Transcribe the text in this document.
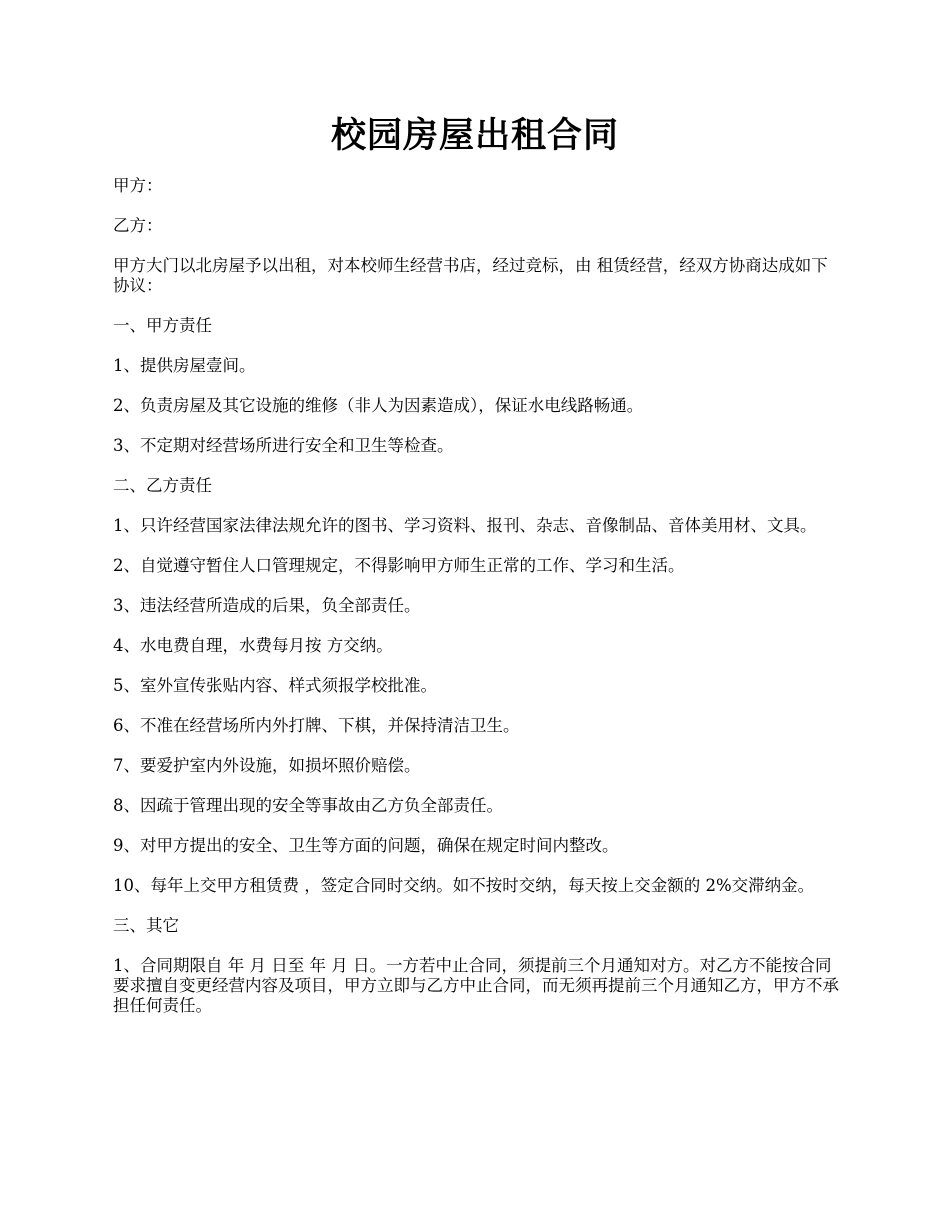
校园房屋出租合同

甲方：

乙方：

甲方大门以北房屋予以出租，对本校师生经营书店，经过竞标，由 租赁经营，经双方协商达成如下协议：

一、甲方责任

1、提供房屋壹间。

2、负责房屋及其它设施的维修（非人为因素造成），保证水电线路畅通。

3、不定期对经营场所进行安全和卫生等检查。

二、乙方责任

1、只许经营国家法律法规允许的图书、学习资料、报刊、杂志、音像制品、音体美用材、文具。

2、自觉遵守暂住人口管理规定，不得影响甲方师生正常的工作、学习和生活。

3、违法经营所造成的后果，负全部责任。

4、水电费自理，水费每月按 方交纳。

5、室外宣传张贴内容、样式须报学校批准。

6、不准在经营场所内外打牌、下棋，并保持清洁卫生。

7、要爱护室内外设施，如损坏照价赔偿。

8、因疏于管理出现的安全等事故由乙方负全部责任。

9、对甲方提出的安全、卫生等方面的问题，确保在规定时间内整改。

10、每年上交甲方租赁费 ，签定合同时交纳。如不按时交纳，每天按上交金额的 2%交滞纳金。

三、其它

1、合同期限自 年 月 日至 年 月 日。一方若中止合同，须提前三个月通知对方。对乙方不能按合同要求擅自变更经营内容及项目，甲方立即与乙方中止合同，而无须再提前三个月通知乙方，甲方不承担任何责任。
